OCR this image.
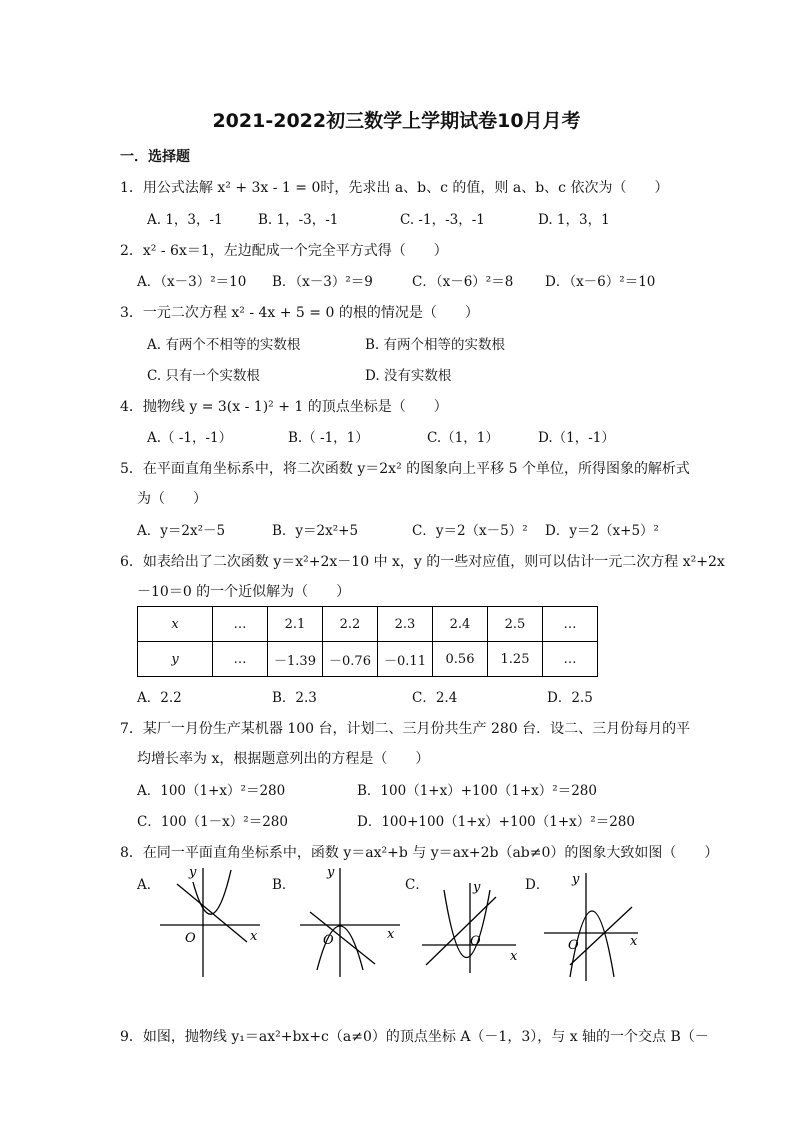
2021-2022初三数学上学期试卷10月月考
一．选择题
1．用公式法解 x² + 3x - 1 = 0时，先求出 a、b、c 的值，则 a、b、c 依次为（　　）
A. 1，3，-1	B. 1，-3，-1	C. -1，-3，-1	D. 1，3，1
2．x² - 6x＝1，左边配成一个完全平方式得（　　）
A．（x－3）²＝10 B．（x－3）²＝9	C．（x－6）²＝8 D．（x－6）²＝10
3．一元二次方程 x² - 4x + 5 = 0 的根的情况是（　　）
A. 有两个不相等的实数根	B. 有两个相等的实数根
C. 只有一个实数根	D. 没有实数根
4．抛物线 y = 3(x - 1)² + 1 的顶点坐标是（　　）
A.（ -1，-1）	B.（ -1，1）	C.（1，1）	D.（1，-1）
5．在平面直角坐标系中，将二次函数 y＝2x² 的图象向上平移 5 个单位，所得图象的解析式
为（　　）
A．y＝2x²－5	B．y＝2x²+5	C．y＝2（x－5）² D．y＝2（x+5）²
6．如表给出了二次函数 y＝x²+2x－10 中 x，y 的一些对应值，则可以估计一元二次方程 x²+2x
－10＝0 的一个近似解为（　　）
x	…	2.1	2.2	2.3	2.4	2.5	…
y	…	－1.39	－0.76	－0.11	0.56	1.25	…
A．2.2	B．2.3	C．2.4	D．2.5
7．某厂一月份生产某机器 100 台，计划二、三月份共生产 280 台．设二、三月份每月的平
均增长率为 x，根据题意列出的方程是（　　）
A．100（1+x）²＝280	B．100（1+x）+100（1+x）²＝280
C．100（1－x）²＝280	D．100+100（1+x）+100（1+x）²＝280
8．在同一平面直角坐标系中，函数 y＝ax²+b 与 y＝ax+2b（ab≠0）的图象大致如图（　　）
A．	B．	C．	D．
x
y
O	x
y
O
x
y
O	x
y
O
9．如图，抛物线 y₁＝ax²+bx+c（a≠0）的顶点坐标 A（－1，3），与 x 轴的一个交点 B（－
